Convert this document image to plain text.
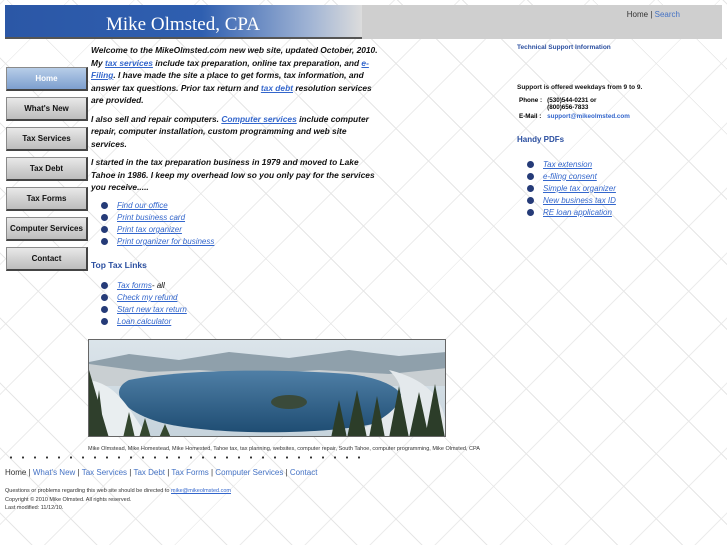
Mike Olmsted, CPA	Home | Search
Home
What's New
Tax Services
Tax Debt
Tax Forms
Computer Services
Contact

Welcome to the MikeOlmsted.com new web site, updated October, 2010. My tax services include tax preparation, online tax preparation, and e-Filing. I have made the site a place to get forms, tax information, and answer tax questions. Prior tax return and tax debt resolution services are provided.

I also sell and repair computers. Computer services include computer repair, computer installation, custom programming and web site services.

I started in the tax preparation business in 1979 and moved to Lake Tahoe in 1986. I keep my overhead low so you only pay for the services you receive.....

Find our office
Print business card
Print tax organizer
Print organizer for business
Top Tax Links
Tax forms - all
Check my refund
Start new tax return
Loan calculator
Mike Olmstead, Mike Homestead, Mike Homested, Tahoe tax, tax planning, websites, computer repair, South Tahoe, computer programming, Mike Olmsted, CPA
Home | What's New | Tax Services | Tax Debt | Tax Forms | Computer Services | Contact
Questions or problems regarding this web site should be directed to mike@mikeolmsted.com
Copyright © 2010 Mike Olmsted. All rights reserved.
Last modified: 11/12/10.
Technical Support Information
Support is offered weekdays from 9 to 9.
Phone :	(530)544-0231 or
(800)656-7833

E-Mail :	support@mikeolmsted.com
Handy PDFs
Tax extension
e-filing consent
Simple tax organizer
New business tax ID
RE loan application
